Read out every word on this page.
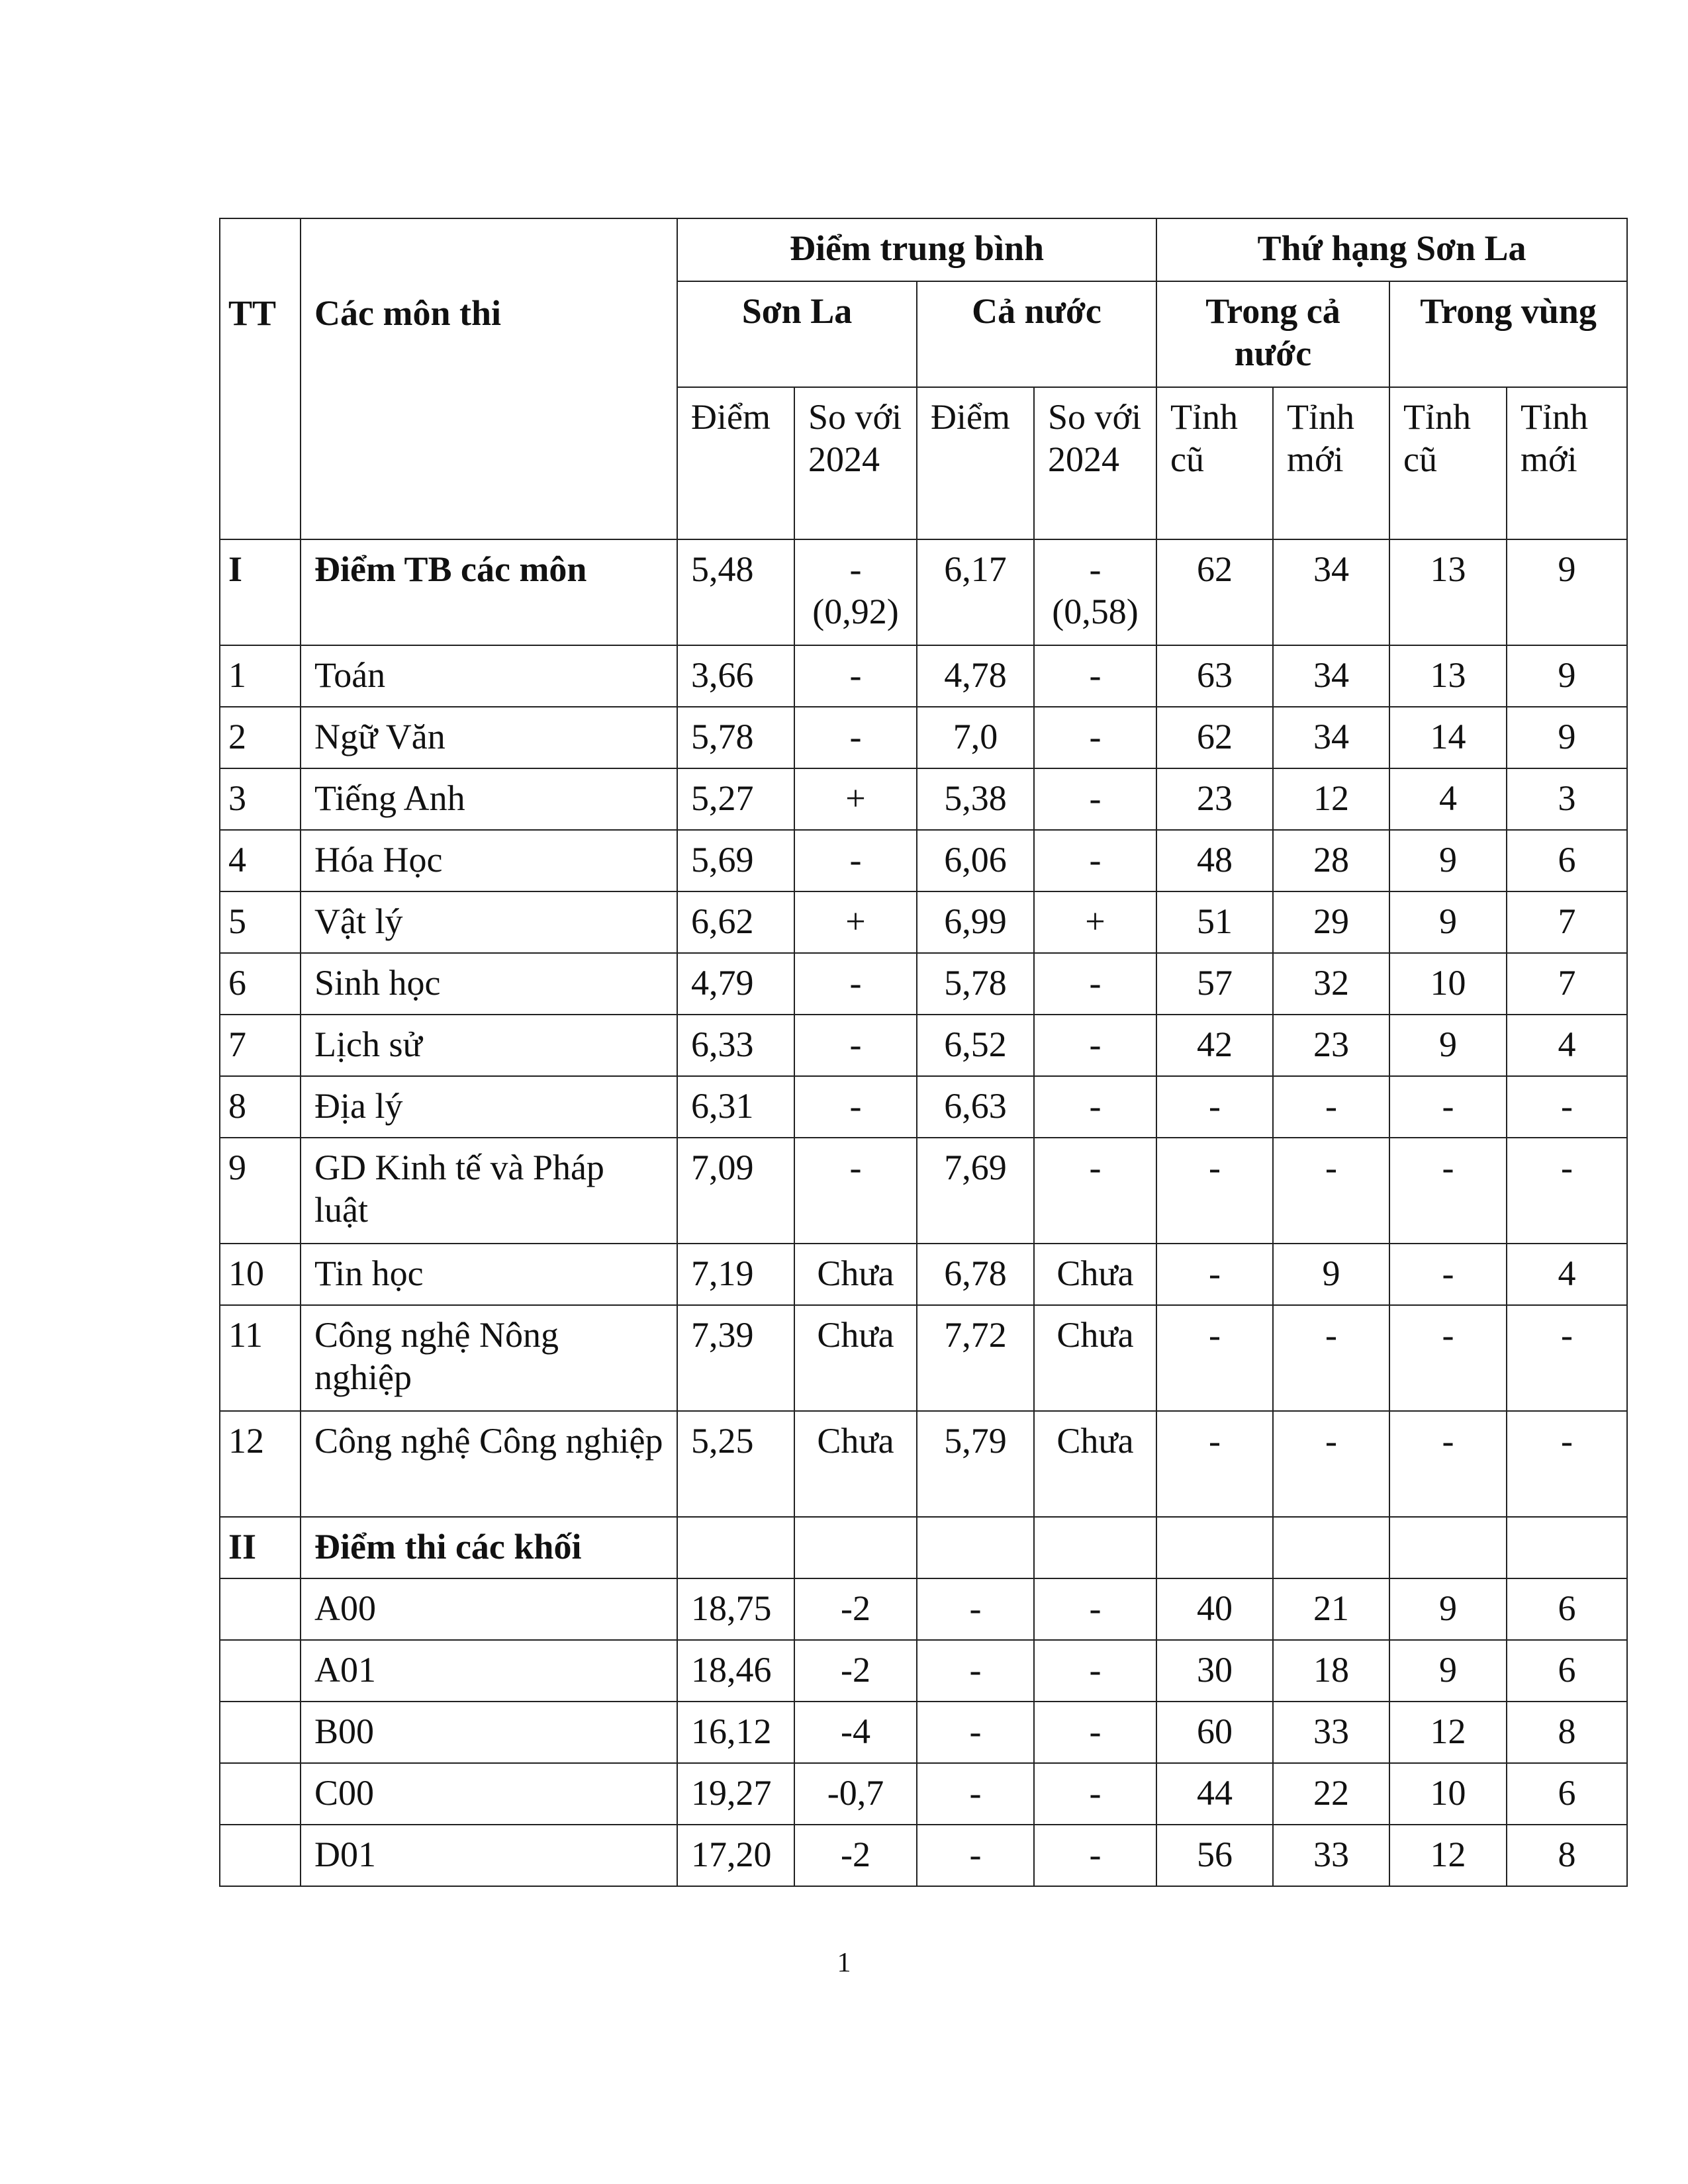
TT	Các môn thi	Điểm trung bình				Thứ hạng Sơn La			
		Sơn La		Cả nước		Trong cả nước		Trong vùng	
		Điểm	So với 2024	Điểm	So với 2024	Tỉnh cũ	Tỉnh mới	Tỉnh cũ	Tỉnh mới
I	Điểm TB các môn	5,48	- (0,92)	6,17	- (0,58)	62	34	13	9
1	Toán	3,66	-	4,78	-	63	34	13	9
2	Ngữ Văn	5,78	-	7,0	-	62	34	14	9
3	Tiếng Anh	5,27	+	5,38	-	23	12	4	3
4	Hóa Học	5,69	-	6,06	-	48	28	9	6
5	Vật lý	6,62	+	6,99	+	51	29	9	7
6	Sinh học	4,79	-	5,78	-	57	32	10	7
7	Lịch sử	6,33	-	6,52	-	42	23	9	4
8	Địa lý	6,31	-	6,63	-	-	-	-	-
9	GD Kinh tế và Pháp luật	7,09	-	7,69	-	-	-	-	-
10	Tin học	7,19	Chưa	6,78	Chưa	-	9	-	4
11	Công nghệ Nông nghiệp	7,39	Chưa	7,72	Chưa	-	-	-	-
12	Công nghệ Công nghiệp	5,25	Chưa	5,79	Chưa	-	-	-	-
II	Điểm thi các khối								
	A00	18,75	-2	-	-	40	21	9	6
	A01	18,46	-2	-	-	30	18	9	6
	B00	16,12	-4	-	-	60	33	12	8
	C00	19,27	-0,7	-	-	44	22	10	6
	D01	17,20	-2	-	-	56	33	12	8
1
